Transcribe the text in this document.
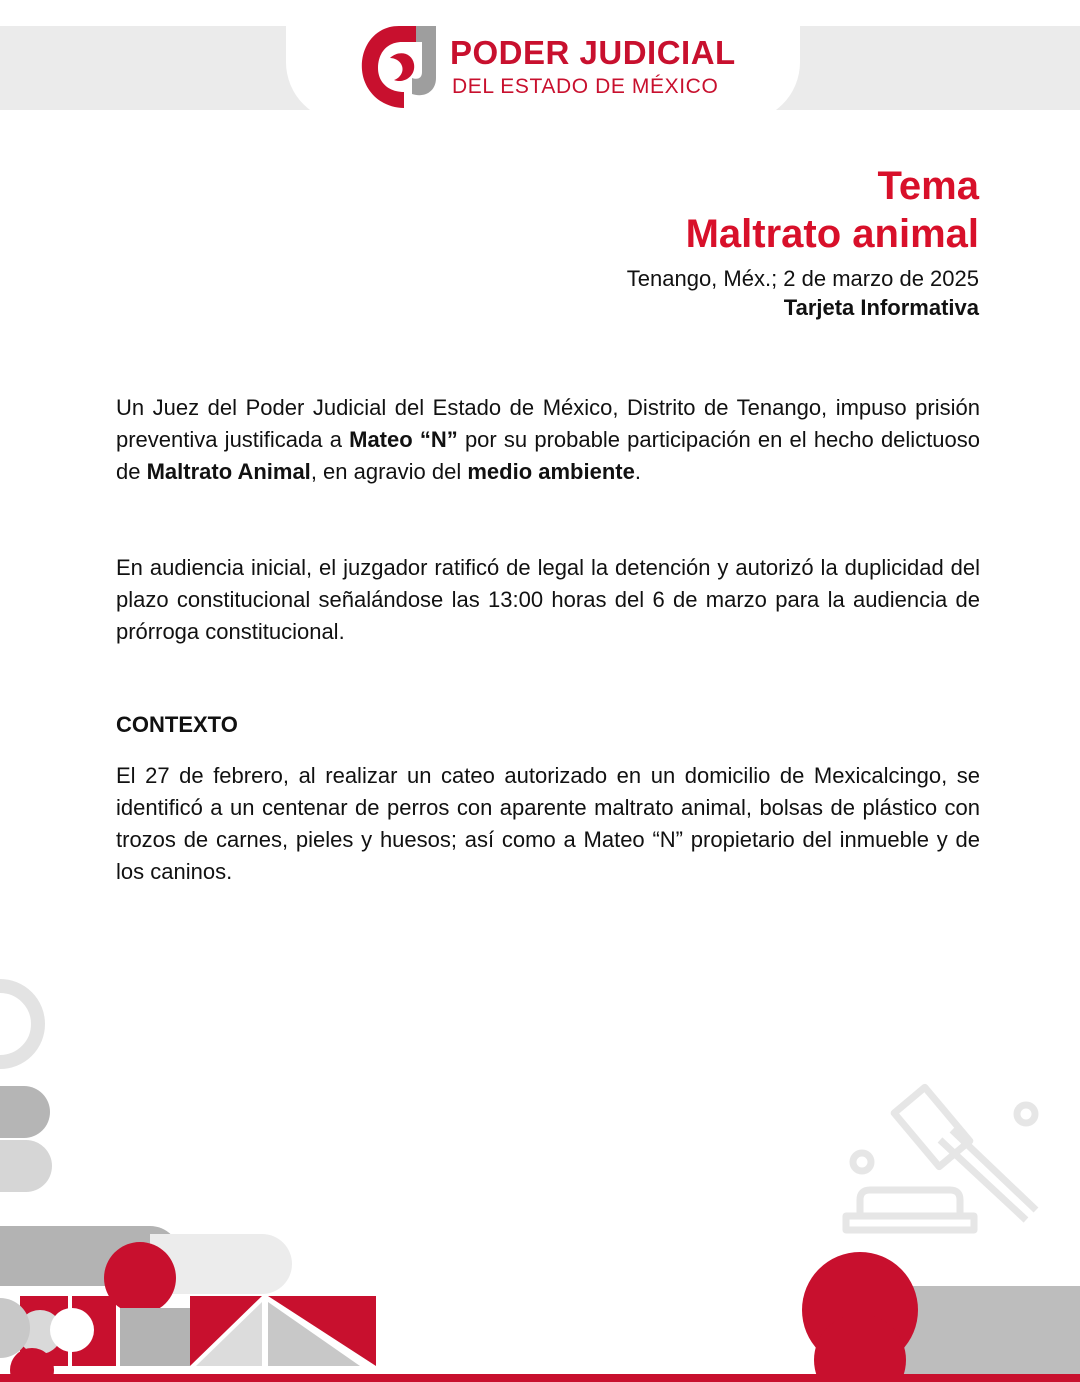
PODER JUDICIAL
DEL ESTADO DE MÉXICO
Tema
Maltrato animal
Tenango, Méx.; 2 de marzo de 2025
Tarjeta Informativa

Un Juez del Poder Judicial del Estado de México, Distrito de Tenango, impuso prisión preventiva justificada a Mateo “N” por su probable participación en el hecho delictuoso de Maltrato Animal, en agravio del medio ambiente.

En audiencia inicial, el juzgador ratificó de legal la detención y autorizó la duplicidad del plazo constitucional señalándose las 13:00 horas del 6 de marzo para la audiencia de prórroga constitucional.

CONTEXTO

El 27 de febrero, al realizar un cateo autorizado en un domicilio de Mexicalcingo, se identificó a un centenar de perros con aparente maltrato animal, bolsas de plástico con trozos de carnes, pieles y huesos; así como a Mateo “N” propietario del inmueble y de los caninos.
